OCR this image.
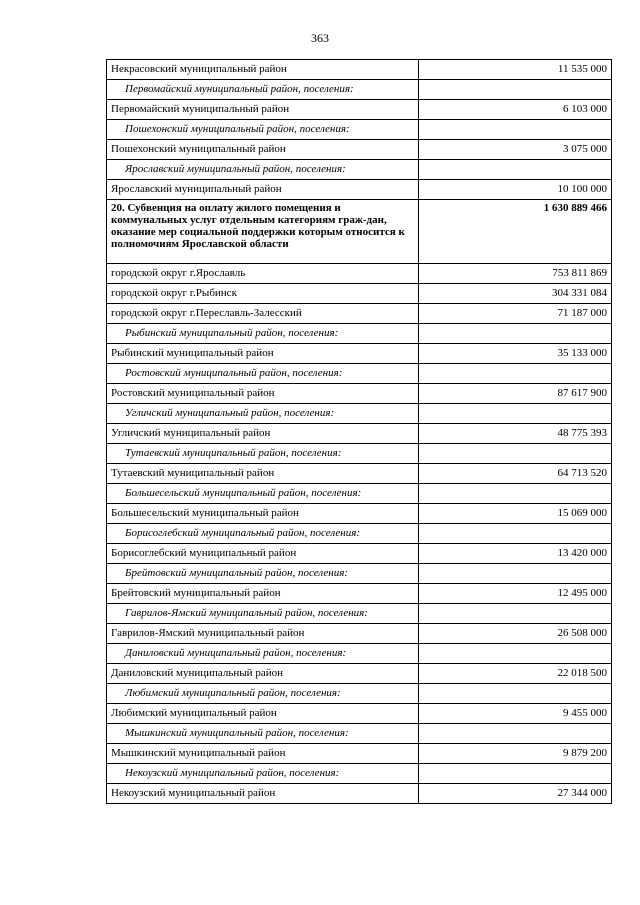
363
Некрасовский муниципальный район	11 535 000
Первомайский муниципальный район, поселения:	
Первомайский муниципальный район	6 103 000
Пошехонский муниципальный район, поселения:	
Пошехонский муниципальный район	3 075 000
Ярославский муниципальный район, поселения:	
Ярославский муниципальный район	10 100 000
20. Субвенция на оплату жилого помещения и коммунальных услуг отдельным категориям граж-дан, оказание мер социальной поддержки которым относится к полномочиям Ярославской области	1 630 889 466
городской округ г.Ярославль	753 811 869
городской округ г.Рыбинск	304 331 084
городской округ г.Переславль-Залесский	71 187 000
Рыбинский муниципальный район, поселения:	
Рыбинский муниципальный район	35 133 000
Ростовский муниципальный район, поселения:	
Ростовский муниципальный район	87 617 900
Угличский муниципальный район, поселения:	
Угличский муниципальный район	48 775 393
Тутаевский муниципальный район, поселения:	
Тутаевский муниципальный район	64 713 520
Большесельский муниципальный район, поселения:	
Большесельский муниципальный район	15 069 000
Борисоглебский муниципальный район, поселения:	
Борисоглебский муниципальный район	13 420 000
Брейтовский муниципальный район, поселения:	
Брейтовский муниципальный район	12 495 000
Гаврилов-Ямский муниципальный район, поселения:	
Гаврилов-Ямский муниципальный район	26 508 000
Даниловский муниципальный район, поселения:	
Даниловский муниципальный район	22 018 500
Любимский муниципальный район, поселения:	
Любимский муниципальный район	9 455 000
Мышкинский муниципальный район, поселения:	
Мышкинский муниципальный район	9 879 200
Некоузский муниципальный район, поселения:	
Некоузский муниципальный район	27 344 000
